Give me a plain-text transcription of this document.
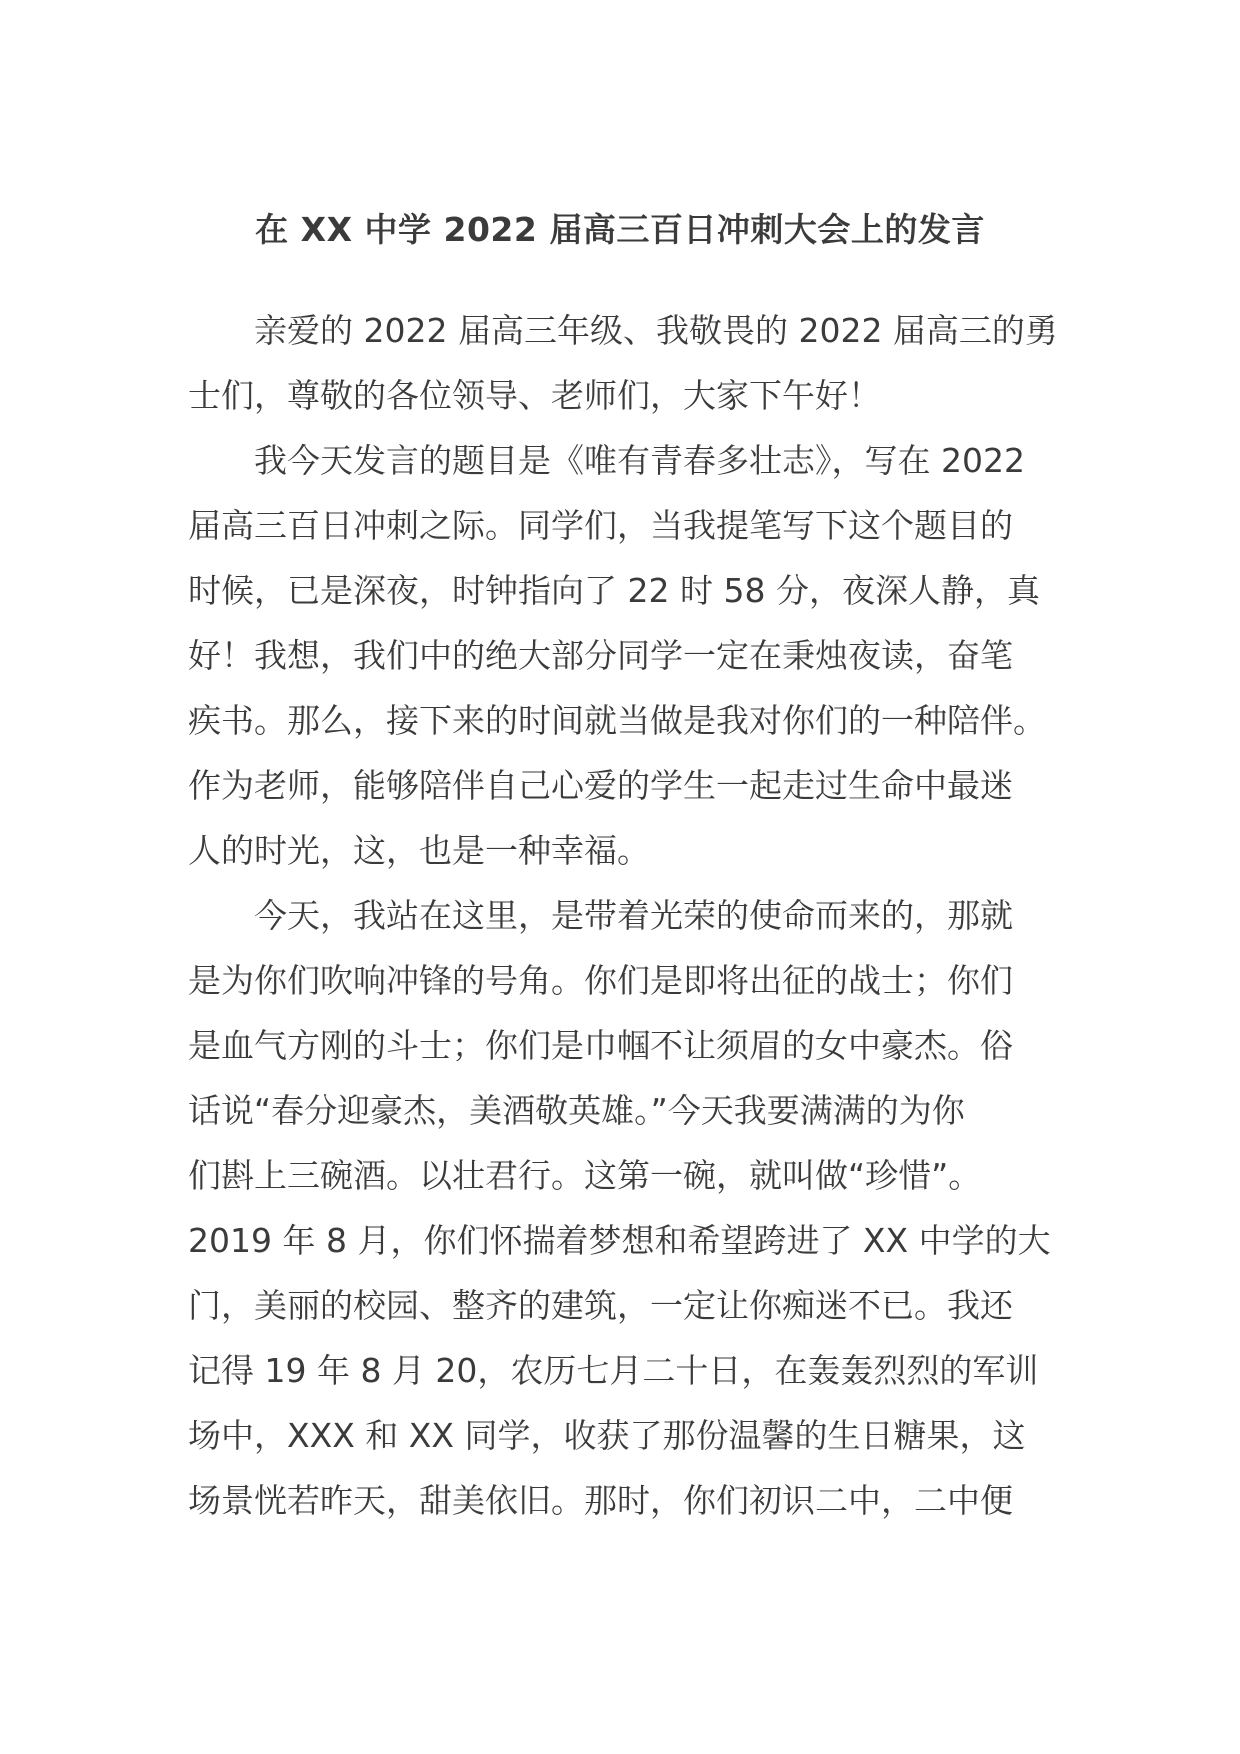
在 XX 中学 2022 届高三百日冲刺大会上的发言
亲爱的 2022 届高三年级、我敬畏的 2022 届高三的勇
士们，尊敬的各位领导、老师们，大家下午好！
我今天发言的题目是《唯有青春多壮志》，写在 2022
届高三百日冲刺之际。同学们，当我提笔写下这个题目的
时候，已是深夜，时钟指向了 22 时 58 分，夜深人静，真
好！我想，我们中的绝大部分同学一定在秉烛夜读，奋笔
疾书。那么，接下来的时间就当做是我对你们的一种陪伴。
作为老师，能够陪伴自己心爱的学生一起走过生命中最迷
人的时光，这，也是一种幸福。
今天，我站在这里，是带着光荣的使命而来的，那就
是为你们吹响冲锋的号角。你们是即将出征的战士；你们
是血气方刚的斗士；你们是巾帼不让须眉的女中豪杰。俗
话说“春分迎豪杰，美酒敬英雄。”今天我要满满的为你
们斟上三碗酒。以壮君行。这第一碗，就叫做“珍惜”。
2019 年 8 月，你们怀揣着梦想和希望跨进了 XX 中学的大
门，美丽的校园、整齐的建筑，一定让你痴迷不已。我还
记得 19 年 8 月 20，农历七月二十日，在轰轰烈烈的军训
场中，XXX 和 XX 同学，收获了那份温馨的生日糖果，这
场景恍若昨天，甜美依旧。那时，你们初识二中，二中便
